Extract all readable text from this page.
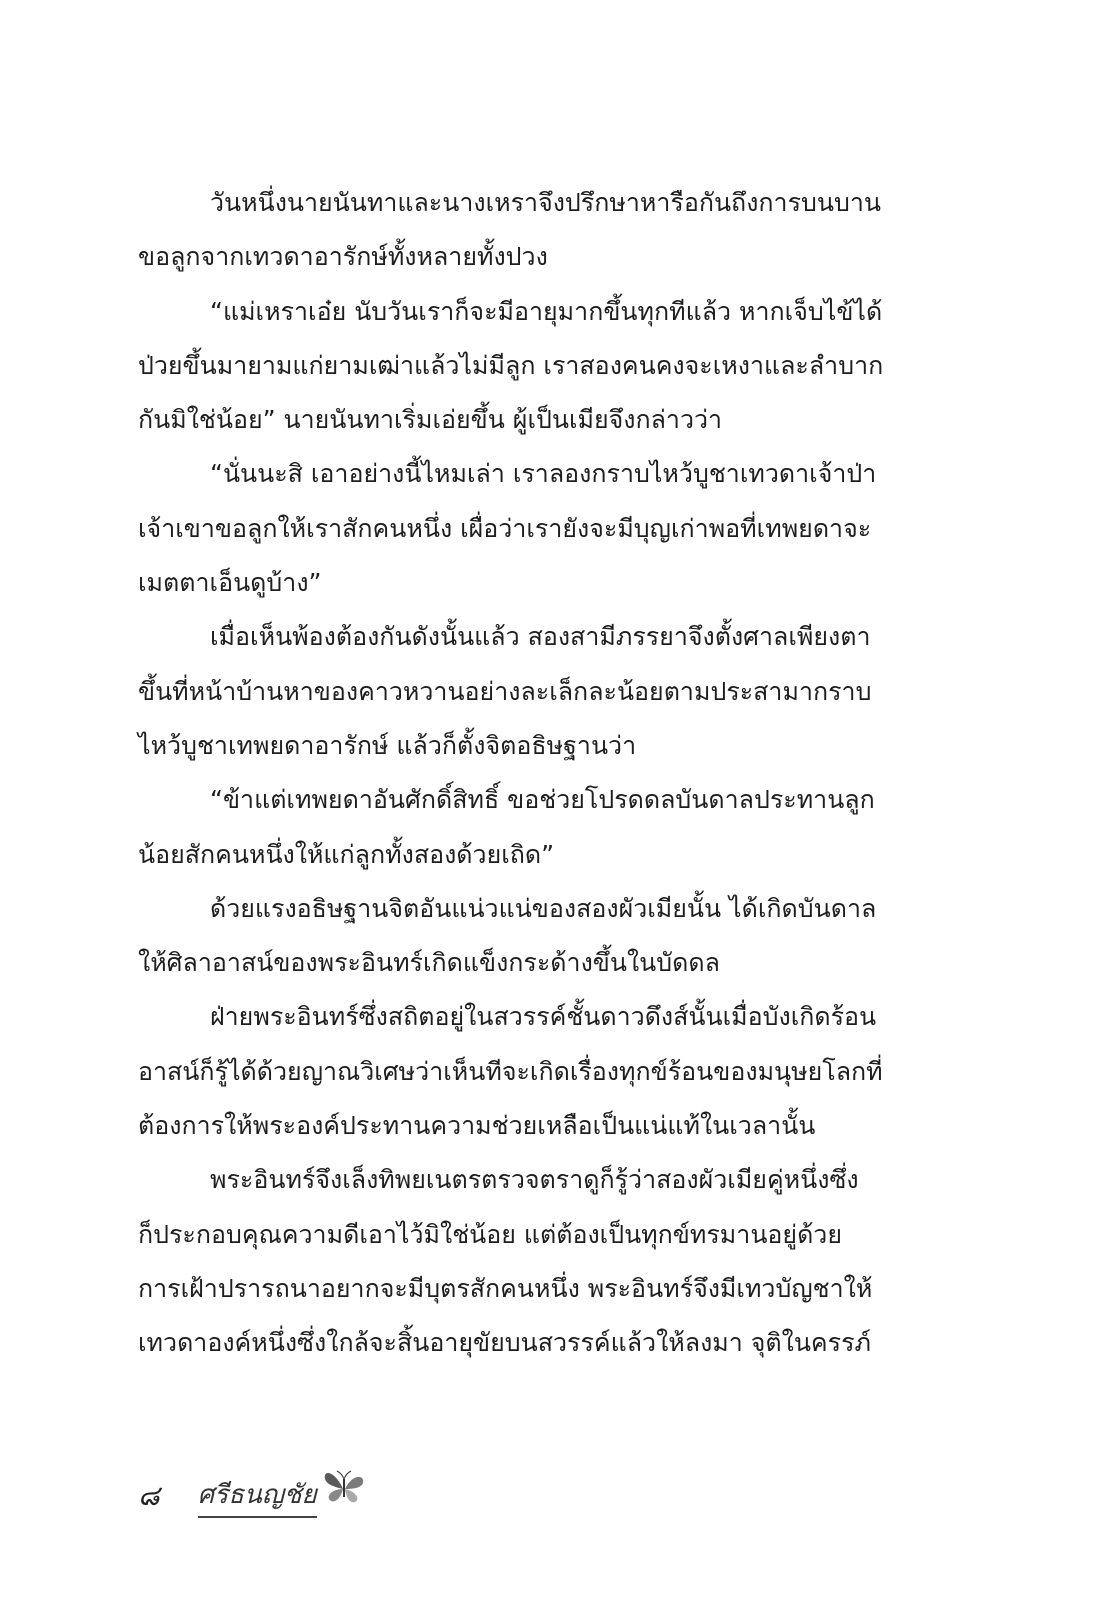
วันหนึ่งนายนันทาและนางเหราจึงปรึกษาหารือกันถึงการบนบาน
ขอลูกจากเทวดาอารักษ์ทั้งหลายทั้งปวง
“แม่เหราเอ๋ย นับวันเราก็จะมีอายุมากขึ้นทุกทีแล้ว หากเจ็บไข้ได้
ป่วยขึ้นมายามแก่ยามเฒ่าแล้วไม่มีลูก เราสองคนคงจะเหงาและลำบาก
กันมิใช่น้อย” นายนันทาเริ่มเอ่ยขึ้น ผู้เป็นเมียจึงกล่าวว่า
“นั่นนะสิ เอาอย่างนี้ไหมเล่า เราลองกราบไหว้บูชาเทวดาเจ้าป่า
เจ้าเขาขอลูกให้เราสักคนหนึ่ง เผื่อว่าเรายังจะมีบุญเก่าพอที่เทพยดาจะ
เมตตาเอ็นดูบ้าง”
เมื่อเห็นพ้องต้องกันดังนั้นแล้ว สองสามีภรรยาจึงตั้งศาลเพียงตา
ขึ้นที่หน้าบ้านหาของคาวหวานอย่างละเล็กละน้อยตามประสามากราบ
ไหว้บูชาเทพยดาอารักษ์ แล้วก็ตั้งจิตอธิษฐานว่า
“ข้าแต่เทพยดาอันศักดิ์สิทธิ์ ขอช่วยโปรดดลบันดาลประทานลูก
น้อยสักคนหนึ่งให้แก่ลูกทั้งสองด้วยเถิด”
ด้วยแรงอธิษฐานจิตอันแน่วแน่ของสองผัวเมียนั้น ได้เกิดบันดาล
ให้ศิลาอาสน์ของพระอินทร์เกิดแข็งกระด้างขึ้นในบัดดล
ฝ่ายพระอินทร์ซึ่งสถิตอยู่ในสวรรค์ชั้นดาวดึงส์นั้นเมื่อบังเกิดร้อน
อาสน์ก็รู้ได้ด้วยญาณวิเศษว่าเห็นทีจะเกิดเรื่องทุกข์ร้อนของมนุษยโลกที่
ต้องการให้พระองค์ประทานความช่วยเหลือเป็นแน่แท้ในเวลานั้น
พระอินทร์จึงเล็งทิพยเนตรตรวจตราดูก็รู้ว่าสองผัวเมียคู่หนึ่งซึ่ง
ก็ประกอบคุณความดีเอาไว้มิใช่น้อย แต่ต้องเป็นทุกข์ทรมานอยู่ด้วย
การเฝ้าปรารถนาอยากจะมีบุตรสักคนหนึ่ง พระอินทร์จึงมีเทวบัญชาให้
เทวดาองค์หนึ่งซึ่งใกล้จะสิ้นอายุขัยบนสวรรค์แล้วให้ลงมา จุติในครรภ์
๘ ศรีธนญชัย
